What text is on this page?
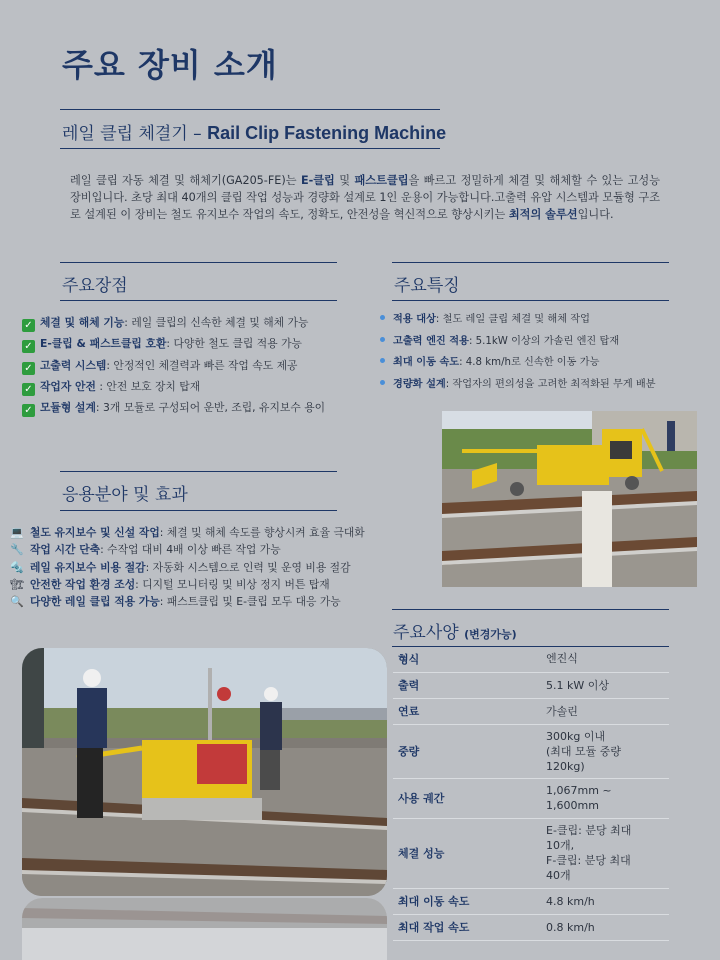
주요 장비 소개
레일 클립 체결기 – Rail Clip Fastening Machine

레일 클립 자동 체결 및 해체기(GA205-FE)는 E-클립 및 패스트클립을 빠르고 정밀하게 체결 및 해체할 수 있는 고성능 장비입니다. 초당 최대 40개의 클립 작업 성능과 경량화 설계로 1인 운용이 가능합니다.고출력 유압 시스템과 모듈형 구조로 설계된 이 장비는 철도 유지보수 작업의 속도, 정확도, 안전성을 혁신적으로 향상시키는 최적의 솔루션입니다.

주요장점
✓ 체결 및 해체 기능: 레일 클립의 신속한 체결 및 해체 가능
✓ E-클립 & 패스트클립 호환: 다양한 철도 클립 적용 가능
✓ 고출력 시스템: 안정적인 체결력과 빠른 작업 속도 제공
✓ 작업자 안전 : 안전 보호 장치 탑재
✓ 모듈형 설계: 3개 모듈로 구성되어 운반, 조립, 유지보수 용이
주요특징
적용 대상: 철도 레일 클립 체결 및 해체 작업
고출력 엔진 적용: 5.1kW 이상의 가솔린 엔진 탑재
최대 이동 속도: 4.8 km/h로 신속한 이동 가능
경량화 설계: 작업자의 편의성을 고려한 최적화된 무게 배분
응용분야 및 효과
💻 철도 유지보수 및 신설 작업: 체결 및 해체 속도를 향상시켜 효율 극대화
🔧 작업 시간 단축: 수작업 대비 4배 이상 빠른 작업 가능
🔩 레일 유지보수 비용 절감: 자동화 시스템으로 인력 및 운영 비용 절감
🏗 안전한 작업 환경 조성: 디지털 모니터링 및 비상 정지 버튼 탑재
🔍 다양한 레일 클립 적용 가능: 패스트클립 및 E-클립 모두 대응 가능
주요사양 (변경가능)
형식	엔진식
출력	5.1 kW 이상
연료	가솔린
중량	300kg 이내
(최대 모듈 중량
120kg)
사용 궤간	1,067mm ~
1,600mm
체결 성능	E-클립: 분당 최대
10개,
F-클립: 분당 최대
40개
최대 이동 속도	4.8 km/h
최대 작업 속도	0.8 km/h
